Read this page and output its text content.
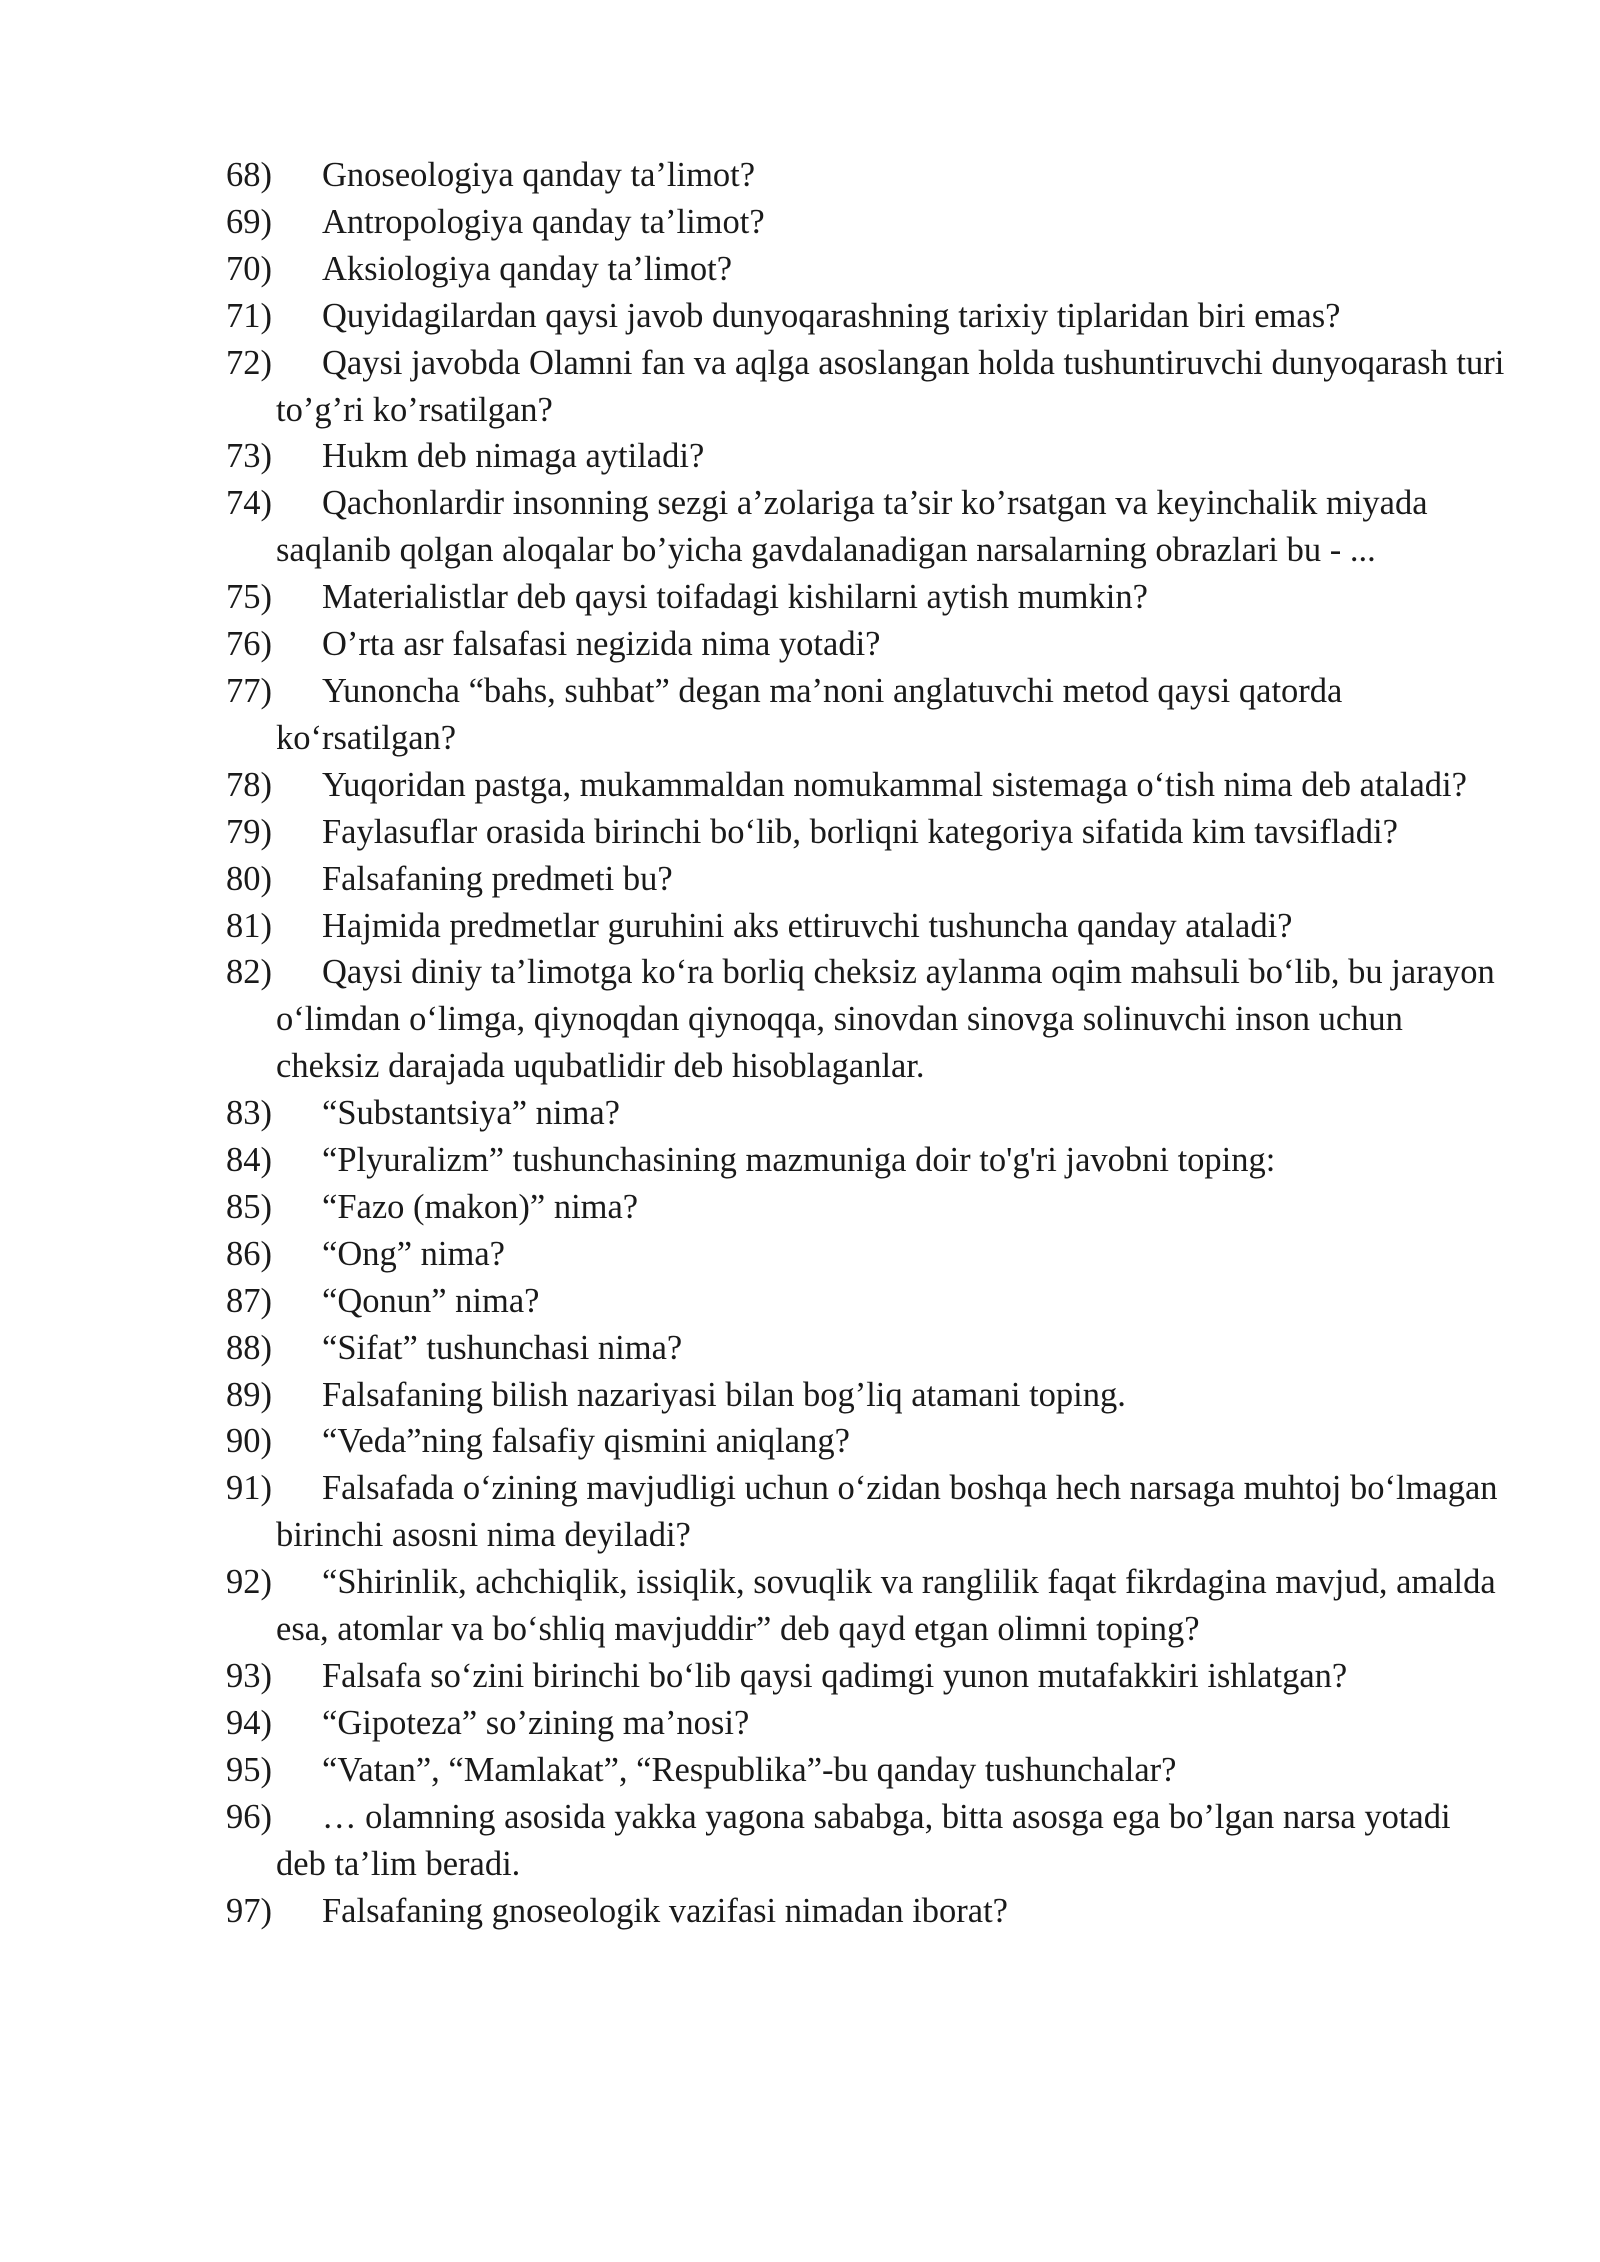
68)	Gnoseologiya qanday ta’limot?
69)	Antropologiya qanday ta’limot?
70)	Aksiologiya qanday ta’limot?
71)	Quyidagilardan qaysi javob dunyoqarashning tarixiy tiplaridan biri emas?
72)	Qaysi javobda Olamni fan va aqlga asoslangan holda tushuntiruvchi dunyoqarash turi to’g’ri ko’rsatilgan?
73)	Hukm deb nimaga aytiladi?
74)	Qachonlardir insonning sezgi a’zolariga ta’sir ko’rsatgan va keyinchalik miyada saqlanib qolgan aloqalar bo’yicha gavdalanadigan narsalarning obrazlari bu - ...
75)	Materialistlar deb qaysi toifadagi kishilarni aytish mumkin?
76)	O’rta asr falsafasi negizida nima yotadi?
77)	Yunoncha “bahs, suhbat” degan ma’noni anglatuvchi metod qaysi qatorda ko‘rsatilgan?
78)	Yuqoridan pastga, mukammaldan nomukammal sistemaga o‘tish nima deb ataladi?
79)	Faylasuflar orasida birinchi bo‘lib, borliqni kategoriya sifatida kim tavsifladi?
80)	Falsafaning predmeti bu?
81)	Hajmida predmetlar guruhini aks ettiruvchi tushuncha qanday ataladi?
82)	Qaysi diniy ta’limotga ko‘ra borliq cheksiz aylanma oqim mahsuli bo‘lib, bu jarayon o‘limdan o‘limga, qiynoqdan qiynoqqa, sinovdan sinovga solinuvchi inson uchun cheksiz darajada uqubatlidir deb hisoblaganlar.
83)	“Substantsiya” nima?
84)	“Plyuralizm” tushunchasining mazmuniga doir to'g'ri javobni toping:
85)	“Fazo (makon)” nima?
86)	“Ong” nima?
87)	“Qonun” nima?
88)	“Sifat” tushunchasi nima?
89)	Falsafaning bilish nazariyasi bilan bog’liq atamani toping.
90)	“Veda”ning falsafiy qismini aniqlang?
91)	Falsafada o‘zining mavjudligi uchun o‘zidan boshqa hech narsaga muhtoj bo‘lmagan birinchi asosni nima deyiladi?
92)	“Shirinlik, achchiqlik, issiqlik, sovuqlik va ranglilik faqat fikrdagina mavjud, amalda esa, atomlar va bo‘shliq mavjuddir” deb qayd etgan olimni toping?
93)	Falsafa so‘zini birinchi bo‘lib qaysi qadimgi yunon mutafakkiri ishlatgan?
94)	“Gipoteza” so’zining ma’nosi?
95)	“Vatan”, “Mamlakat”, “Respublika”-bu qanday tushunchalar?
96)	… olamning asosida yakka yagona sababga, bitta asosga ega bo’lgan narsa yotadi deb ta’lim beradi.
97)	Falsafaning gnoseologik vazifasi nimadan iborat?
